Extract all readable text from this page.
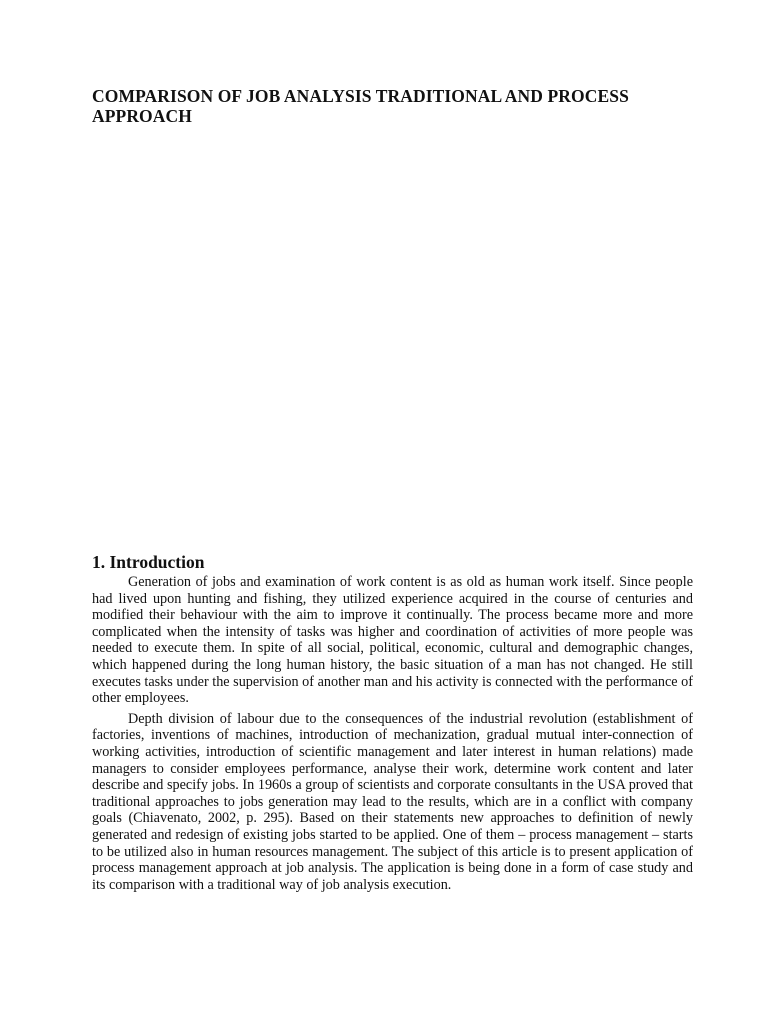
COMPARISON OF JOB ANALYSIS TRADITIONAL AND PROCESS APPROACH
1. Introduction

Generation of jobs and examination of work content is as old as human work itself. Since people had lived upon hunting and fishing, they utilized experience acquired in the course of centuries and modified their behaviour with the aim to improve it continually. The process became more and more complicated when the intensity of tasks was higher and coordination of activities of more people was needed to execute them. In spite of all social, political, economic, cultural and demographic changes, which happened during the long human history, the basic situation of a man has not changed. He still executes tasks under the supervision of another man and his activity is connected with the performance of other employees.

Depth division of labour due to the consequences of the industrial revolution (establishment of factories, inventions of machines, introduction of mechanization, gradual mutual inter-connection of working activities, introduction of scientific management and later interest in human relations) made managers to consider employees performance, analyse their work, determine work content and later describe and specify jobs. In 1960s a group of scientists and corporate consultants in the USA proved that traditional approaches to jobs generation may lead to the results, which are in a conflict with company goals (Chiavenato, 2002, p. 295). Based on their statements new approaches to definition of newly generated and redesign of existing jobs started to be applied. One of them – process management – starts to be utilized also in human resources management. The subject of this article is to present application of process management approach at job analysis. The application is being done in a form of case study and its comparison with a traditional way of job analysis execution.
